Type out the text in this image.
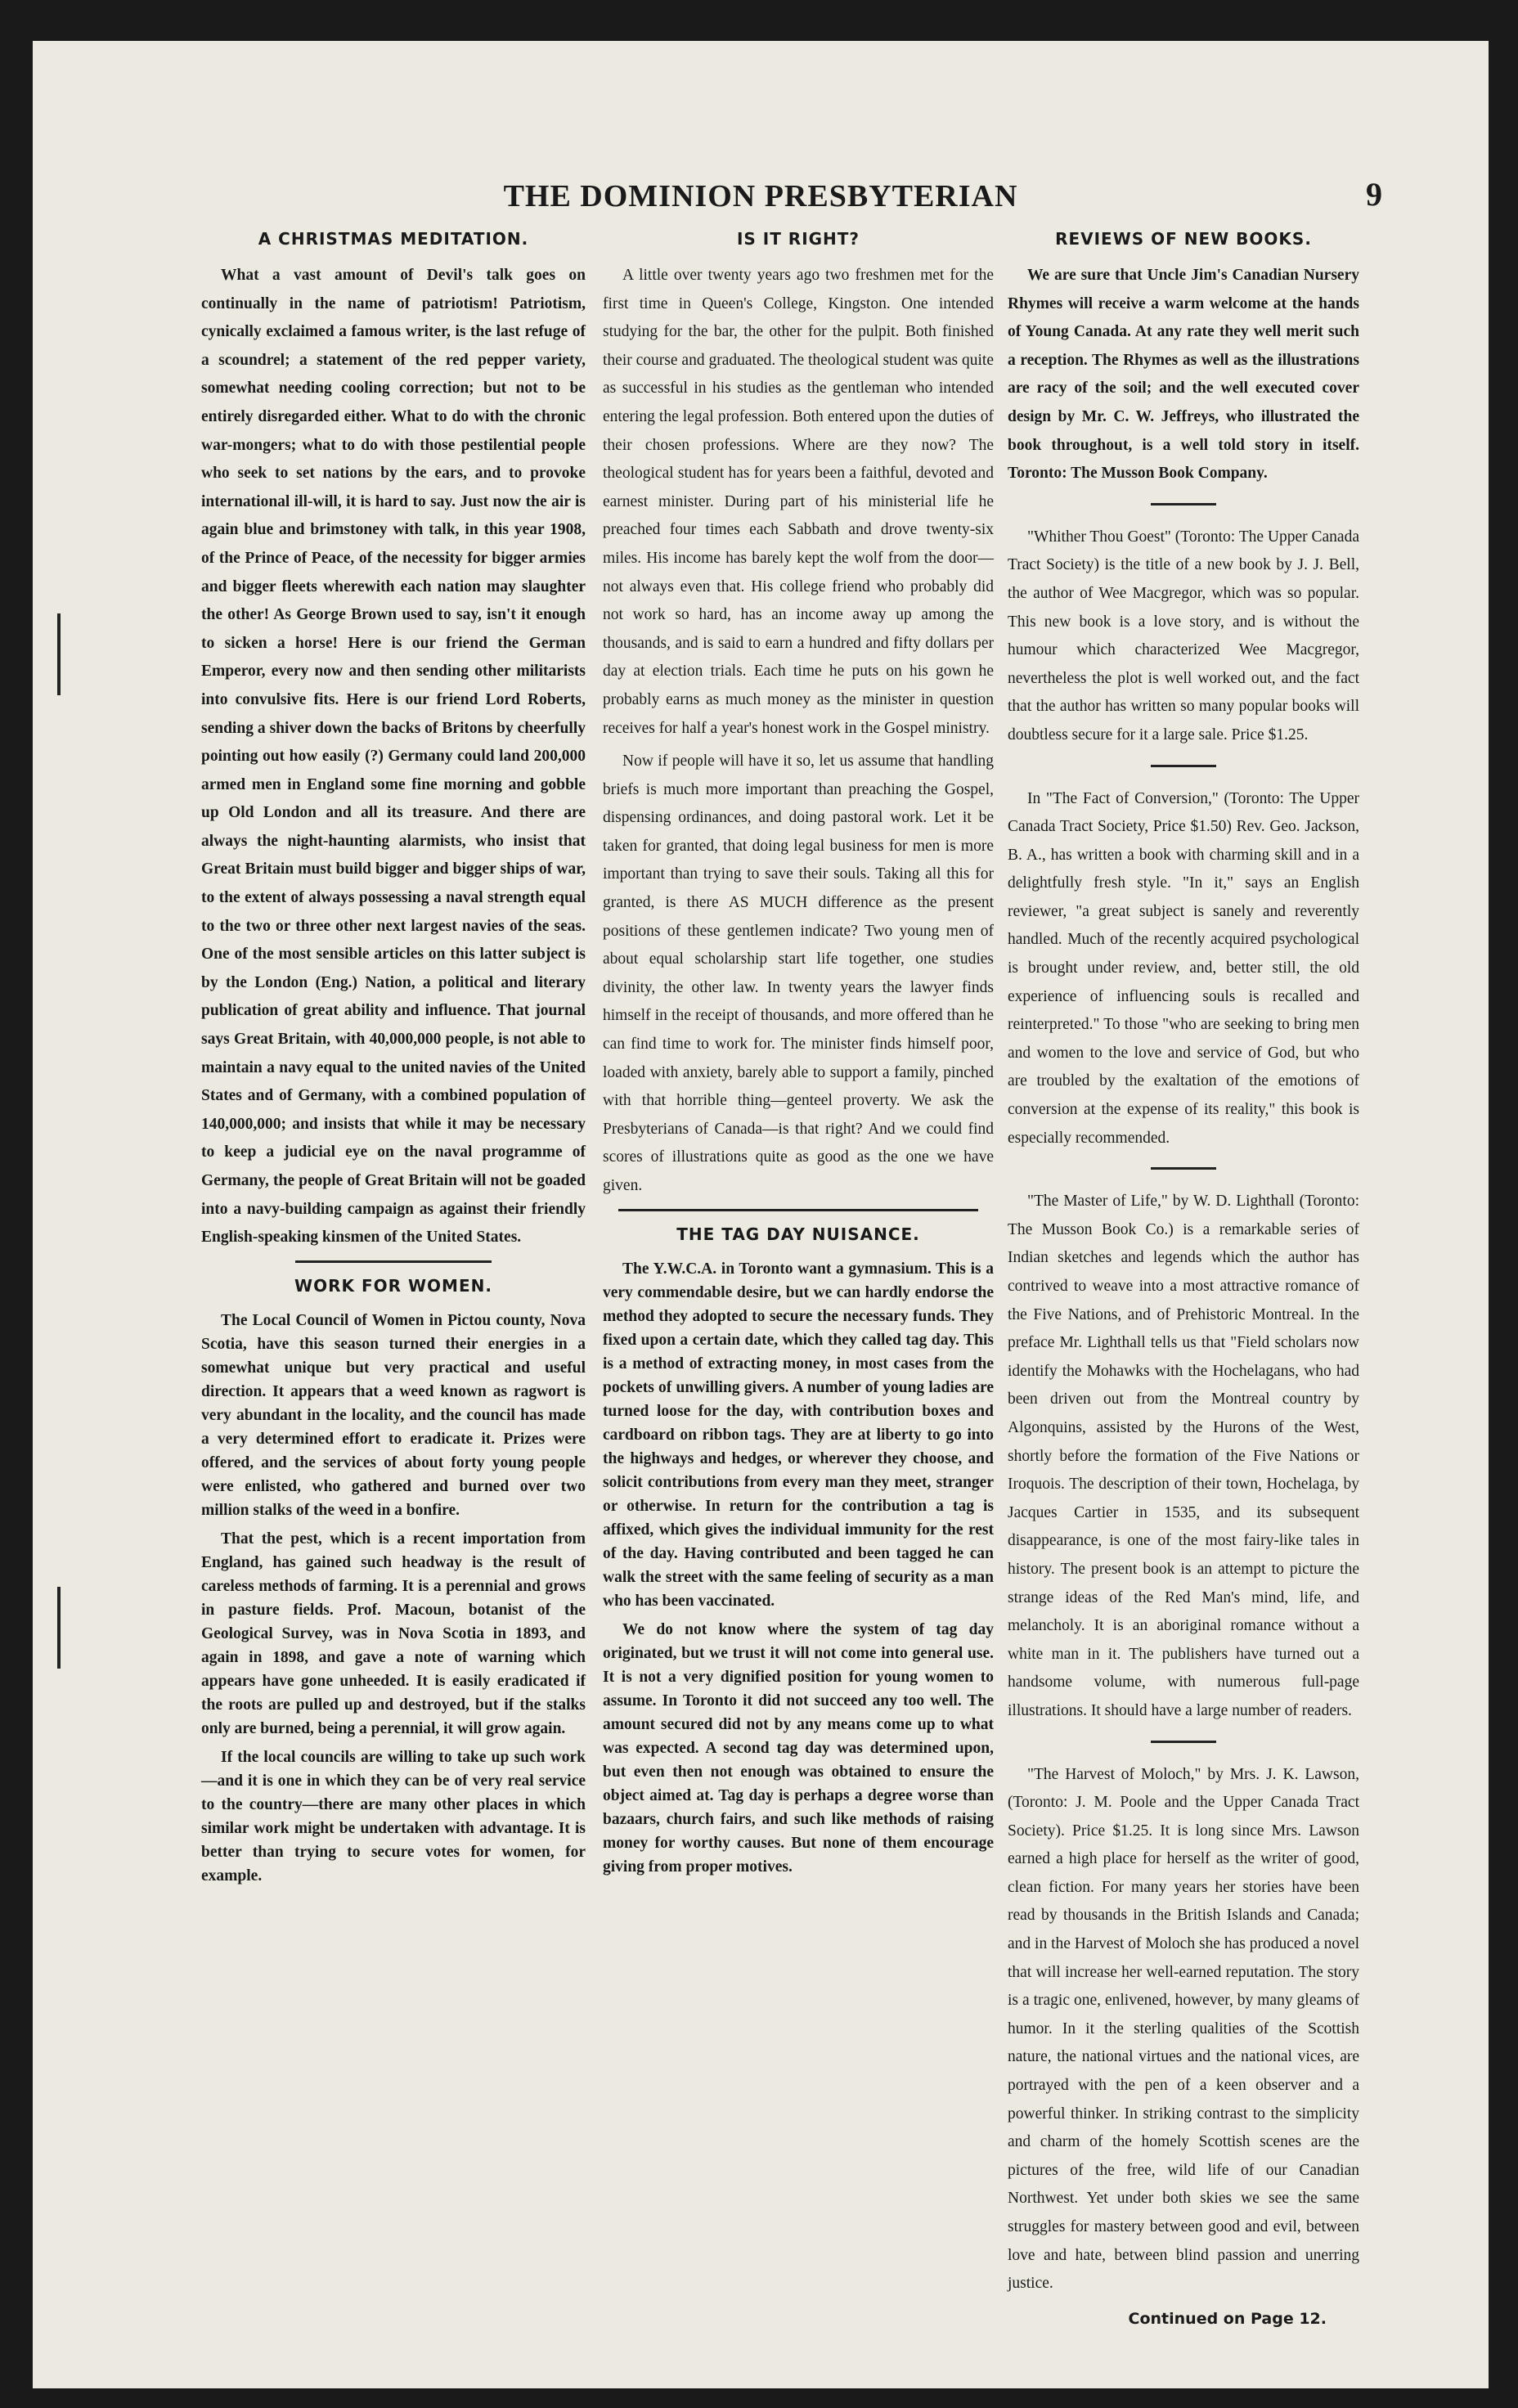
THE DOMINION PRESBYTERIAN	9
A CHRISTMAS MEDITATION.

What a vast amount of Devil's talk goes on continually in the name of patriotism! Patriotism, cynically exclaimed a famous writer, is the last refuge of a scoundrel; a statement of the red pepper variety, somewhat needing cooling correction; but not to be entirely disregarded either. What to do with the chronic war-mongers; what to do with those pestilential people who seek to set nations by the ears, and to provoke international ill-will, it is hard to say. Just now the air is again blue and brimstoney with talk, in this year 1908, of the Prince of Peace, of the necessity for bigger armies and bigger fleets wherewith each nation may slaughter the other! As George Brown used to say, isn't it enough to sicken a horse! Here is our friend the German Emperor, every now and then sending other militarists into convulsive fits. Here is our friend Lord Roberts, sending a shiver down the backs of Britons by cheerfully pointing out how easily (?) Germany could land 200,000 armed men in England some fine morning and gobble up Old London and all its treasure. And there are always the night-haunting alarmists, who insist that Great Britain must build bigger and bigger ships of war, to the extent of always possessing a naval strength equal to the two or three other next largest navies of the seas. One of the most sensible articles on this latter subject is by the London (Eng.) Nation, a political and literary publication of great ability and influence. That journal says Great Britain, with 40,000,000 people, is not able to maintain a navy equal to the united navies of the United States and of Germany, with a combined population of 140,000,000; and insists that while it may be necessary to keep a judicial eye on the naval programme of Germany, the people of Great Britain will not be goaded into a navy-building campaign as against their friendly English-speaking kinsmen of the United States.

WORK FOR WOMEN.

The Local Council of Women in Pictou county, Nova Scotia, have this season turned their energies in a somewhat unique but very practical and useful direction. It appears that a weed known as ragwort is very abundant in the locality, and the council has made a very determined effort to eradicate it. Prizes were offered, and the services of about forty young people were enlisted, who gathered and burned over two million stalks of the weed in a bonfire.

That the pest, which is a recent importation from England, has gained such headway is the result of careless methods of farming. It is a perennial and grows in pasture fields. Prof. Macoun, botanist of the Geological Survey, was in Nova Scotia in 1893, and again in 1898, and gave a note of warning which appears have gone unheeded. It is easily eradicated if the roots are pulled up and destroyed, but if the stalks only are burned, being a perennial, it will grow again.

If the local councils are willing to take up such work—and it is one in which they can be of very real service to the country—there are many other places in which similar work might be undertaken with advantage. It is better than trying to secure votes for women, for example.

IS IT RIGHT?

A little over twenty years ago two freshmen met for the first time in Queen's College, Kingston. One intended studying for the bar, the other for the pulpit. Both finished their course and graduated. The theological student was quite as successful in his studies as the gentleman who intended entering the legal profession. Both entered upon the duties of their chosen professions. Where are they now? The theological student has for years been a faithful, devoted and earnest minister. During part of his ministerial life he preached four times each Sabbath and drove twenty-six miles. His income has barely kept the wolf from the door—not always even that. His college friend who probably did not work so hard, has an income away up among the thousands, and is said to earn a hundred and fifty dollars per day at election trials. Each time he puts on his gown he probably earns as much money as the minister in question receives for half a year's honest work in the Gospel ministry.

Now if people will have it so, let us assume that handling briefs is much more important than preaching the Gospel, dispensing ordinances, and doing pastoral work. Let it be taken for granted, that doing legal business for men is more important than trying to save their souls. Taking all this for granted, is there AS MUCH difference as the present positions of these gentlemen indicate? Two young men of about equal scholarship start life together, one studies divinity, the other law. In twenty years the lawyer finds himself in the receipt of thousands, and more offered than he can find time to work for. The minister finds himself poor, loaded with anxiety, barely able to support a family, pinched with that horrible thing—genteel proverty. We ask the Presbyterians of Canada—is that right? And we could find scores of illustrations quite as good as the one we have given.

THE TAG DAY NUISANCE.

The Y.W.C.A. in Toronto want a gymnasium. This is a very commendable desire, but we can hardly endorse the method they adopted to secure the necessary funds. They fixed upon a certain date, which they called tag day. This is a method of extracting money, in most cases from the pockets of unwilling givers. A number of young ladies are turned loose for the day, with contribution boxes and cardboard on ribbon tags. They are at liberty to go into the highways and hedges, or wherever they choose, and solicit contributions from every man they meet, stranger or otherwise. In return for the contribution a tag is affixed, which gives the individual immunity for the rest of the day. Having contributed and been tagged he can walk the street with the same feeling of security as a man who has been vaccinated.

We do not know where the system of tag day originated, but we trust it will not come into general use. It is not a very dignified position for young women to assume. In Toronto it did not succeed any too well. The amount secured did not by any means come up to what was expected. A second tag day was determined upon, but even then not enough was obtained to ensure the object aimed at. Tag day is perhaps a degree worse than bazaars, church fairs, and such like methods of raising money for worthy causes. But none of them encourage giving from proper motives.

REVIEWS OF NEW BOOKS.

We are sure that Uncle Jim's Canadian Nursery Rhymes will receive a warm welcome at the hands of Young Canada. At any rate they well merit such a reception. The Rhymes as well as the illustrations are racy of the soil; and the well executed cover design by Mr. C. W. Jeffreys, who illustrated the book throughout, is a well told story in itself. Toronto: The Musson Book Company.

"Whither Thou Goest" (Toronto: The Upper Canada Tract Society) is the title of a new book by J. J. Bell, the author of Wee Macgregor, which was so popular. This new book is a love story, and is without the humour which characterized Wee Macgregor, nevertheless the plot is well worked out, and the fact that the author has written so many popular books will doubtless secure for it a large sale. Price $1.25.

In "The Fact of Conversion," (Toronto: The Upper Canada Tract Society, Price $1.50) Rev. Geo. Jackson, B. A., has written a book with charming skill and in a delightfully fresh style. "In it," says an English reviewer, "a great subject is sanely and reverently handled. Much of the recently acquired psychological is brought under review, and, better still, the old experience of influencing souls is recalled and reinterpreted." To those "who are seeking to bring men and women to the love and service of God, but who are troubled by the exaltation of the emotions of conversion at the expense of its reality," this book is especially recommended.

"The Master of Life," by W. D. Lighthall (Toronto: The Musson Book Co.) is a remarkable series of Indian sketches and legends which the author has contrived to weave into a most attractive romance of the Five Nations, and of Prehistoric Montreal. In the preface Mr. Lighthall tells us that "Field scholars now identify the Mohawks with the Hochelagans, who had been driven out from the Montreal country by Algonquins, assisted by the Hurons of the West, shortly before the formation of the Five Nations or Iroquois. The description of their town, Hochelaga, by Jacques Cartier in 1535, and its subsequent disappearance, is one of the most fairy-like tales in history. The present book is an attempt to picture the strange ideas of the Red Man's mind, life, and melancholy. It is an aboriginal romance without a white man in it. The publishers have turned out a handsome volume, with numerous full-page illustrations. It should have a large number of readers.

"The Harvest of Moloch," by Mrs. J. K. Lawson, (Toronto: J. M. Poole and the Upper Canada Tract Society). Price $1.25. It is long since Mrs. Lawson earned a high place for herself as the writer of good, clean fiction. For many years her stories have been read by thousands in the British Islands and Canada; and in the Harvest of Moloch she has produced a novel that will increase her well-earned reputation. The story is a tragic one, enlivened, however, by many gleams of humor. In it the sterling qualities of the Scottish nature, the national virtues and the national vices, are portrayed with the pen of a keen observer and a powerful thinker. In striking contrast to the simplicity and charm of the homely Scottish scenes are the pictures of the free, wild life of our Canadian Northwest. Yet under both skies we see the same struggles for mastery between good and evil, between love and hate, between blind passion and unerring justice.

Continued on Page 12.
